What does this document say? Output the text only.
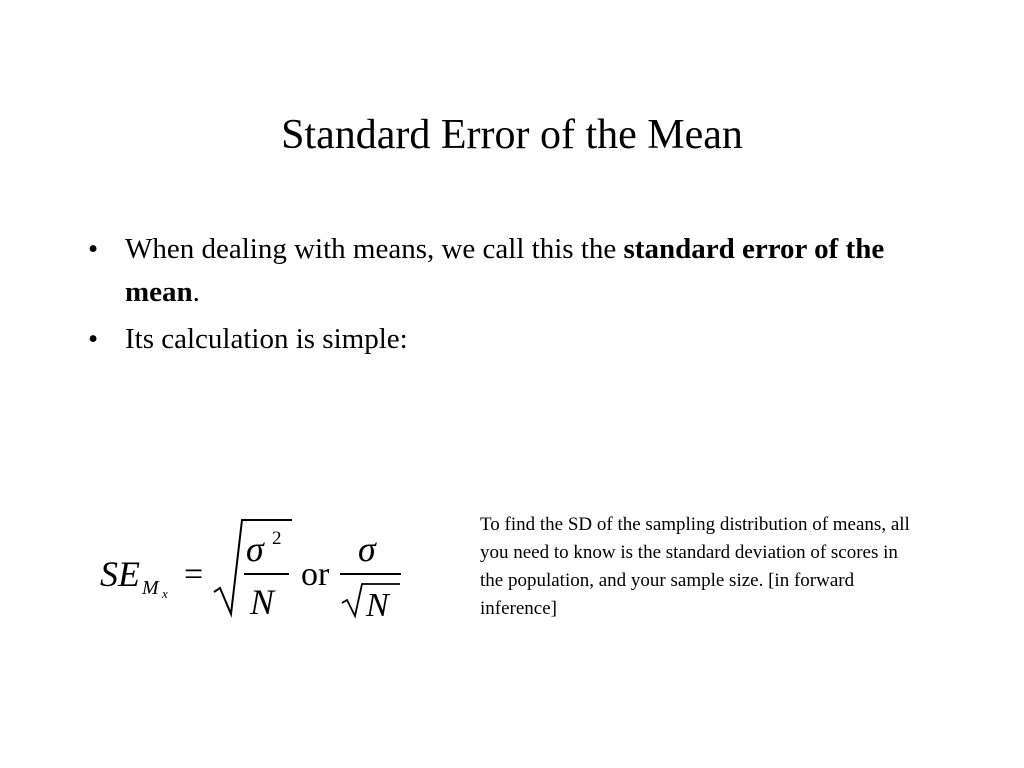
Standard Error of the Mean
• When dealing with means, we call this the standard error of the mean.
• Its calculation is simple:
SE M x
=
σ 2
N
or
σ
N
To find the SD of the sampling distribution of means, all you need to know is the standard deviation of scores in the population, and your sample size. [in forward inference]
